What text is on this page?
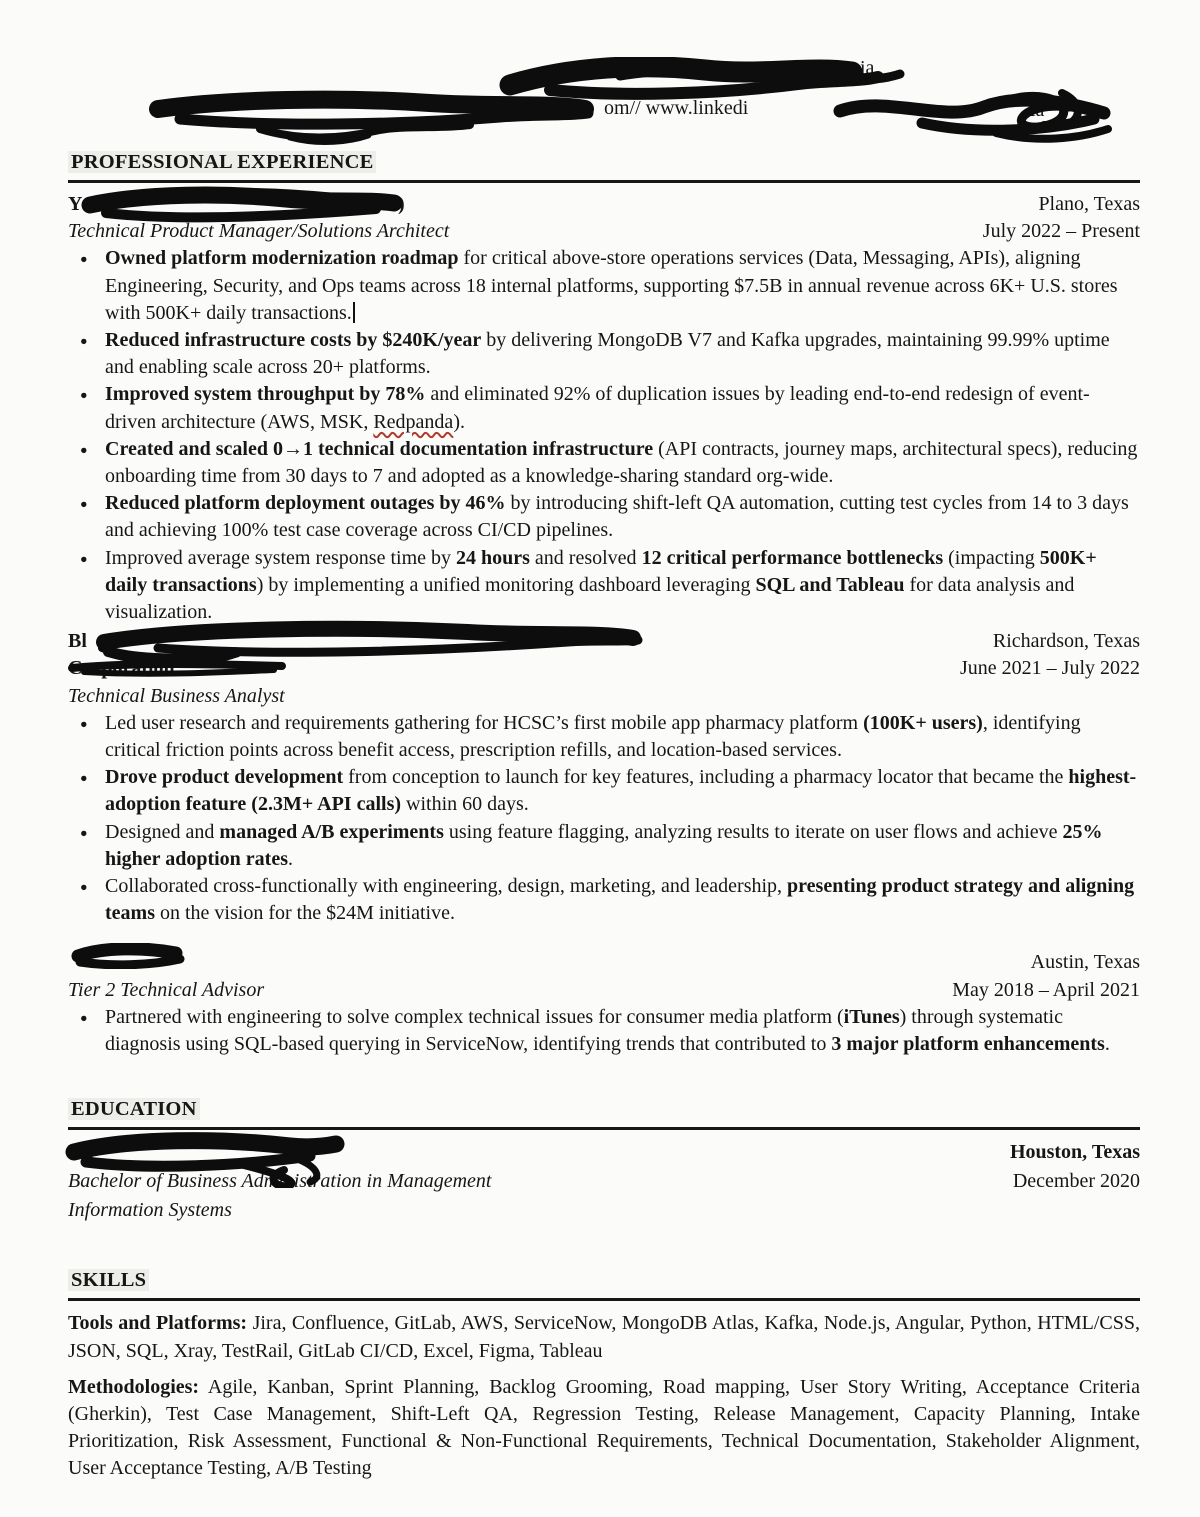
ia
om// www.linkedi	ia
PROFESSIONAL EXPERIENCE
Y	)	Plano, Texas
Technical Product Manager/Solutions Architect	July 2022 – Present
● Owned platform modernization roadmap for critical above-store operations services (Data, Messaging, APIs), aligning Engineering, Security, and Ops teams across 18 internal platforms, supporting $7.5B in annual revenue across 6K+ U.S. stores with 500K+ daily transactions.
● Reduced infrastructure costs by $240K/year by delivering MongoDB V7 and Kafka upgrades, maintaining 99.99% uptime and enabling scale across 20+ platforms.
● Improved system throughput by 78% and eliminated 92% of duplication issues by leading end-to-end redesign of event-driven architecture (AWS, MSK, Redpanda).
● Created and scaled 0→1 technical documentation infrastructure (API contracts, journey maps, architectural specs), reducing onboarding time from 30 days to 7 and adopted as a knowledge-sharing standard org-wide.
● Reduced platform deployment outages by 46% by introducing shift-left QA automation, cutting test cycles from 14 to 3 days and achieving 100% test case coverage across CI/CD pipelines.
● Improved average system response time by 24 hours and resolved 12 critical performance bottlenecks (impacting 500K+ daily transactions) by implementing a unified monitoring dashboard leveraging SQL and Tableau for data analysis and visualization.
Bl	Richardson, Texas
Corporation	June 2021 – July 2022
Technical Business Analyst
● Led user research and requirements gathering for HCSC’s first mobile app pharmacy platform (100K+ users), identifying critical friction points across benefit access, prescription refills, and location-based services.
● Drove product development from conception to launch for key features, including a pharmacy locator that became the highest-adoption feature (2.3M+ API calls) within 60 days.
● Designed and managed A/B experiments using feature flagging, analyzing results to iterate on user flows and achieve 25% higher adoption rates.
● Collaborated cross-functionally with engineering, design, marketing, and leadership, presenting product strategy and aligning teams on the vision for the $24M initiative.
Austin, Texas
Tier 2 Technical Advisor	May 2018 – April 2021
● Partnered with engineering to solve complex technical issues for consumer media platform (iTunes) through systematic diagnosis using SQL-based querying in ServiceNow, identifying trends that contributed to 3 major platform enhancements.
EDUCATION
Un	Houston, Texas
Bachelor of Business Administration in Management	December 2020
Information Systems
SKILLS

Tools and Platforms: Jira, Confluence, GitLab, AWS, ServiceNow, MongoDB Atlas, Kafka, Node.js, Angular, Python, HTML/CSS, JSON, SQL, Xray, TestRail, GitLab CI/CD, Excel, Figma, Tableau

Methodologies: Agile, Kanban, Sprint Planning, Backlog Grooming, Road mapping, User Story Writing, Acceptance Criteria (Gherkin), Test Case Management, Shift-Left QA, Regression Testing, Release Management, Capacity Planning, Intake Prioritization, Risk Assessment, Functional & Non-Functional Requirements, Technical Documentation, Stakeholder Alignment, User Acceptance Testing, A/B Testing
